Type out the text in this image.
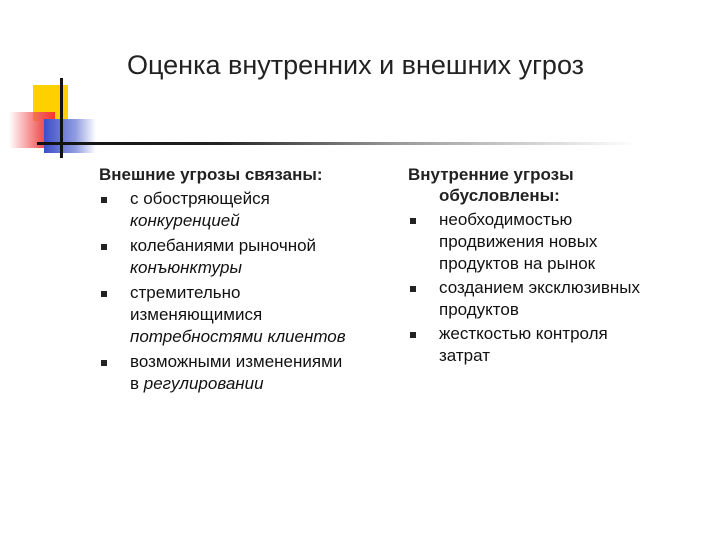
Оценка внутренних и внешних угроз

Внешние угрозы связаны:

с обостряющейся
конкуренцией
колебаниями рыночной
конъюнктуры
стремительно
изменяющимися
потребностями клиентов
возможными изменениями
в регулировании

Внутренние угрозы
обусловлены:

необходимостью
продвижения новых
продуктов на рынок
созданием эксклюзивных
продуктов
жесткостью контроля
затрат
